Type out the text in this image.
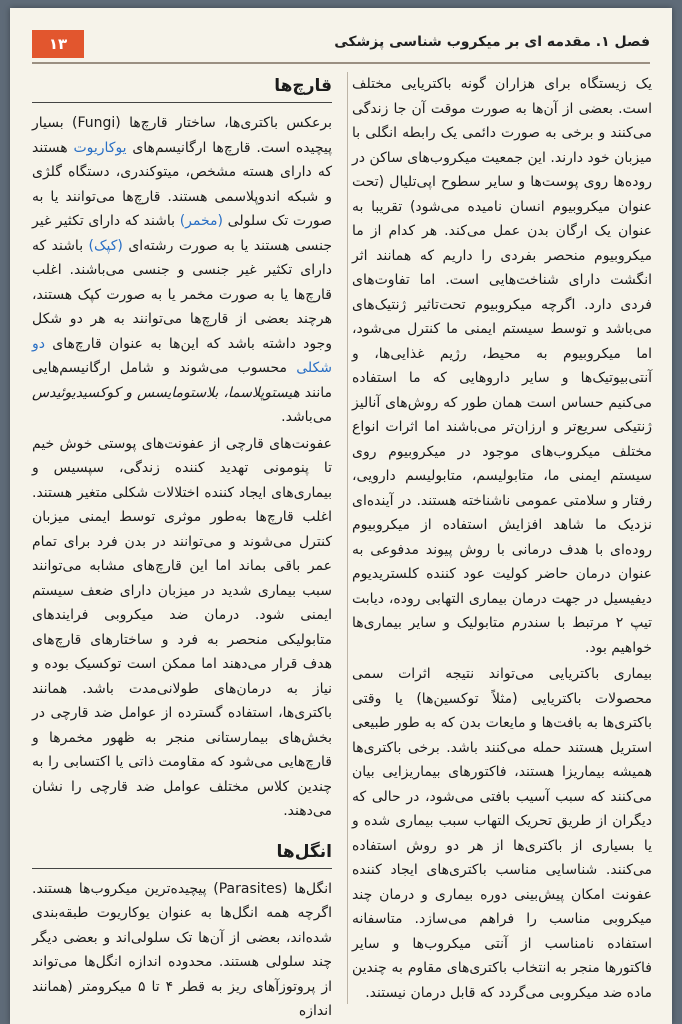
۱۳	فصل ۱. مقدمه ای بر میکروب شناسی پزشکی

یک زیستگاه برای هزاران گونه باکتریایی مختلف است. بعضی از آن‌ها به صورت موقت آن جا زندگی می‌کنند و برخی به صورت دائمی یک رابطه انگلی با میزبان خود دارند. این جمعیت میکروب‌های ساکن در روده‌ها روی پوست‌ها و سایر سطوح اپی‌تلیال (تحت عنوان میکروبیوم انسان نامیده می‌شود) تقریبا به عنوان یک ارگان بدن عمل می‌کند. هر کدام از ما میکروبیوم منحصر بفردی را داریم که همانند اثر انگشت دارای شناخت‌هایی است. اما تفاوت‌های فردی دارد. اگرچه میکروبیوم تحت‌تاثیر ژنتیک‌های می‌باشد و توسط سیستم ایمنی ما کنترل می‌شود، اما میکروبیوم به محیط، رژیم غذایی‌ها، و آنتی‌بیوتیک‌ها و سایر داروهایی که ما استفاده می‌کنیم حساس است همان طور که روش‌های آنالیز ژنتیکی سریع‌تر و ارزان‌تر می‌باشند اما اثرات انواع مختلف میکروب‌های موجود در میکروبیوم روی سیستم ایمنی ما، متابولیسم، متابولیسم دارویی، رفتار و سلامتی عمومی ناشناخته هستند. در آینده‌ای نزدیک ما شاهد افزایش استفاده از میکروبیوم روده‌ای با هدف درمانی با روش پیوند مدفوعی به عنوان درمان حاضر کولیت عود کننده کلستریدیوم دیفیسیل در جهت درمان بیماری التهابی روده، دیابت تیپ ۲ مرتبط با سندرم متابولیک و سایر بیماری‌ها خواهیم بود.

بیماری باکتریایی می‌تواند نتیجه اثرات سمی محصولات باکتریایی (مثلاً توکسین‌ها) یا وقتی باکتری‌ها به بافت‌ها و مایعات بدن که به طور طبیعی استریل هستند حمله می‌کنند باشد. برخی باکتری‌ها همیشه بیماریزا هستند، فاکتورهای بیماریزایی بیان می‌کنند که سبب آسیب بافتی می‌شود، در حالی که دیگران از طریق تحریک التهاب سبب بیماری شده و یا بسیاری از باکتری‌ها از هر دو روش استفاده می‌کنند. شناسایی مناسب باکتری‌های ایجاد کننده عفونت امکان پیش‌بینی دوره بیماری و درمان چند میکروبی مناسب را فراهم می‌سازد. متاسفانه استفاده نامناسب از آنتی میکروب‌ها و سایر فاکتورها منجر به انتخاب باکتری‌های مقاوم به چندین ماده ضد میکروبی می‌گردد که قابل درمان نیستند.

قارچ‌ها

برعکس باکتری‌ها، ساختار قارچ‌ها (Fungi) بسیار پیچیده است. قارچ‌ها ارگانیسم‌های یوکاریوت هستند که دارای هسته مشخص، میتوکندری، دستگاه گلژی و شبکه اندوپلاسمی هستند. قارچ‌ها می‌توانند یا به صورت تک سلولی (مخمر) باشند که دارای تکثیر غیر جنسی هستند یا به صورت رشته‌ای (کپک) باشند که دارای تکثیر غیر جنسی و جنسی می‌باشند. اغلب قارچ‌ها یا به صورت مخمر یا به صورت کپک هستند، هرچند بعضی از قارچ‌ها می‌توانند به هر دو شکل وجود داشته باشد که این‌ها به عنوان قارچ‌های دو شکلی محسوب می‌شوند و شامل ارگانیسم‌هایی مانند هیستوپلاسما، بلاستومایسس و کوکسیدیوئیدس می‌باشد.

عفونت‌های قارچی از عفونت‌های پوستی خوش خیم تا پنومونی تهدید کننده زندگی، سپسیس و بیماری‌های ایجاد کننده اختلالات شکلی متغیر هستند. اغلب قارچ‌ها به‌طور موثری توسط ایمنی میزبان کنترل می‌شوند و می‌توانند در بدن فرد برای تمام عمر باقی بماند اما این قارچ‌های مشابه می‌توانند سبب بیماری شدید در میزبان دارای ضعف سیستم ایمنی شود. درمان ضد میکروبی فرایندهای متابولیکی منحصر به فرد و ساختارهای قارچ‌های هدف قرار می‌دهند اما ممکن است توکسیک بوده و نیاز به درمان‌های طولانی‌مدت باشد. همانند باکتری‌ها، استفاده گسترده از عوامل ضد قارچی در بخش‌های بیمارستانی منجر به ظهور مخمرها و قارچ‌هایی می‌شود که مقاومت ذاتی یا اکتسابی را به چندین کلاس مختلف عوامل ضد قارچی را نشان می‌دهند.

انگل‌ها

انگل‌ها (Parasites) پیچیده‌ترین میکروب‌ها هستند. اگرچه همه انگل‌ها به عنوان یوکاریوت طبقه‌بندی شده‌اند، بعضی از آن‌ها تک سلولی‌اند و بعضی دیگر چند سلولی هستند. محدوده اندازه انگل‌ها می‌تواند از پروتوزآهای ریز به قطر ۴ تا ۵ میکرومتر (همانند اندازه
